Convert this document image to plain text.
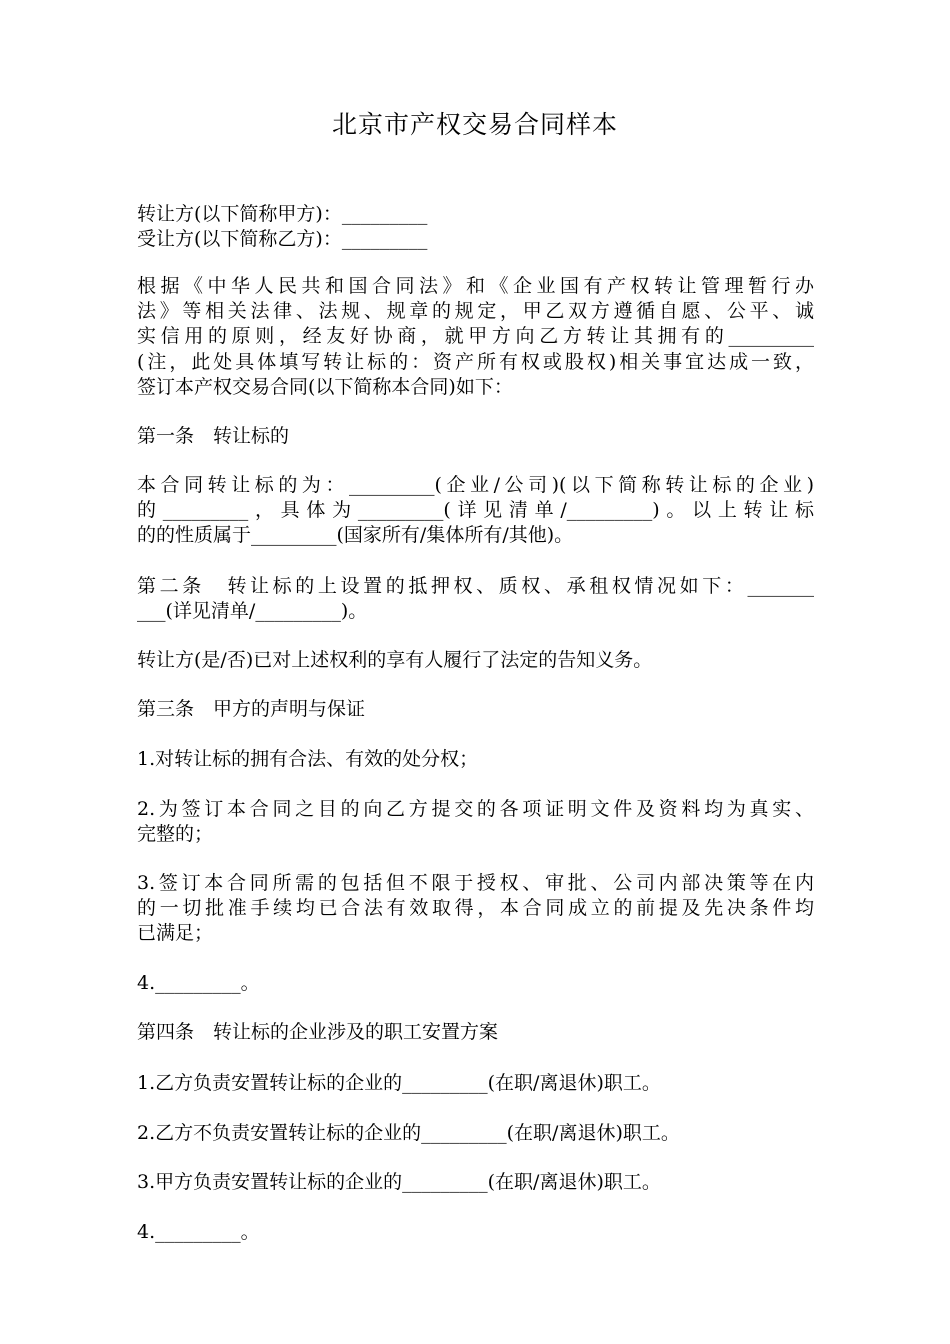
北京市产权交易合同样本
转让方(以下简称甲方)：_________
受让方(以下简称乙方)：_________
根据《中华人民共和国合同法》和《企业国有产权转让管理暂行办
法》等相关法律、法规、规章的规定，甲乙双方遵循自愿、公平、诚
实信用的原则，经友好协商，就甲方向乙方转让其拥有的_________
(注，此处具体填写转让标的：资产所有权或股权)相关事宜达成一致，
签订本产权交易合同(以下简称本合同)如下：
第一条　转让标的
本合同转让标的为：_________(企业/公司)(以下简称转让标的企业)
的_________，具体为_________(详见清单/_________)。以上转让标
的的性质属于_________(国家所有/集体所有/其他)。
第二条　转让标的上设置的抵押权、质权、承租权情况如下：_______
___(详见清单/_________)。
转让方(是/否)已对上述权利的享有人履行了法定的告知义务。
第三条　甲方的声明与保证
1.对转让标的拥有合法、有效的处分权；
2.为签订本合同之目的向乙方提交的各项证明文件及资料均为真实、
完整的；
3.签订本合同所需的包括但不限于授权、审批、公司内部决策等在内
的一切批准手续均已合法有效取得，本合同成立的前提及先决条件均
已满足；
4._________。
第四条　转让标的企业涉及的职工安置方案
1.乙方负责安置转让标的企业的_________(在职/离退休)职工。
2.乙方不负责安置转让标的企业的_________(在职/离退休)职工。
3.甲方负责安置转让标的企业的_________(在职/离退休)职工。
4._________。
